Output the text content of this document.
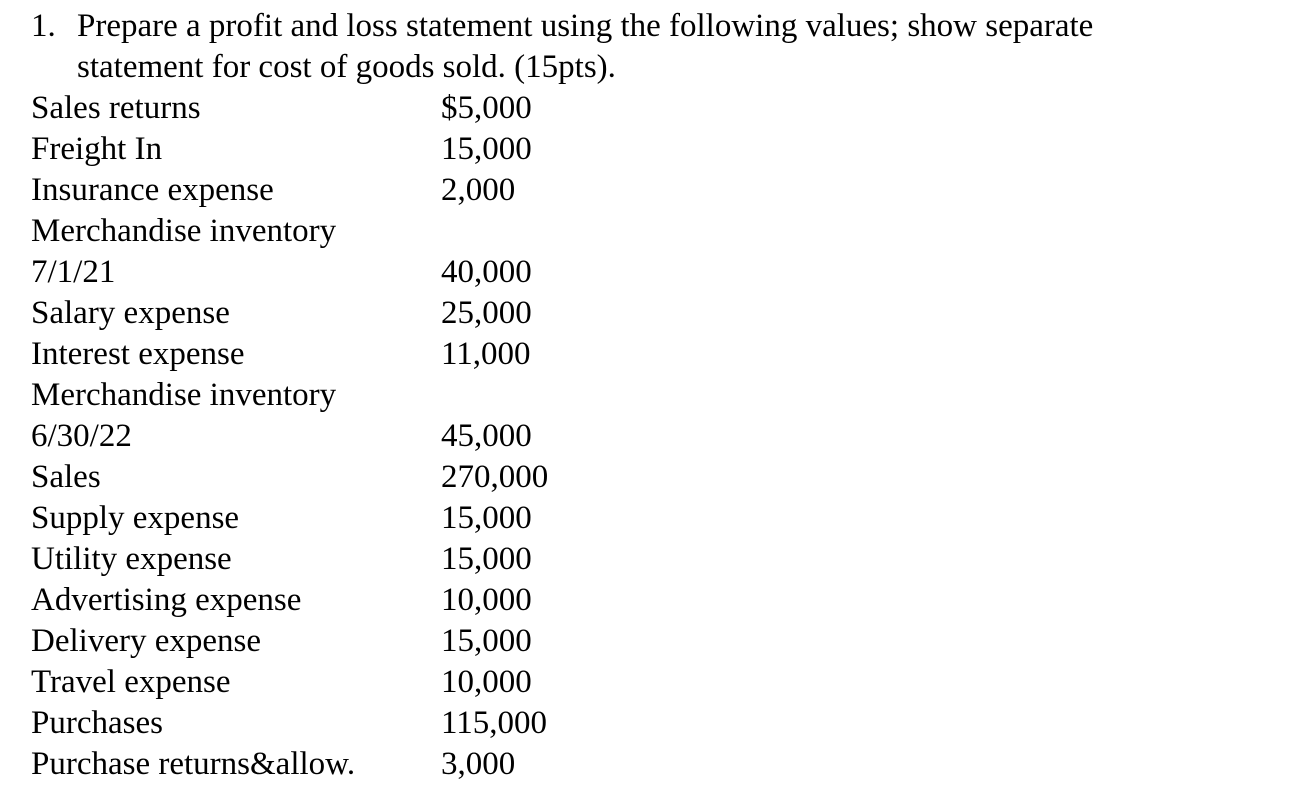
1. Prepare a profit and loss statement using the following values; show separate
statement for cost of goods sold. (15pts).
Sales returns	$5,000
Freight In	15,000
Insurance expense	2,000
Merchandise inventory
7/1/21	40,000
Salary expense	25,000
Interest expense	11,000
Merchandise inventory
6/30/22	45,000
Sales	270,000
Supply expense	15,000
Utility expense	15,000
Advertising expense	10,000
Delivery expense	15,000
Travel expense	10,000
Purchases	115,000
Purchase returns&allow.	3,000
